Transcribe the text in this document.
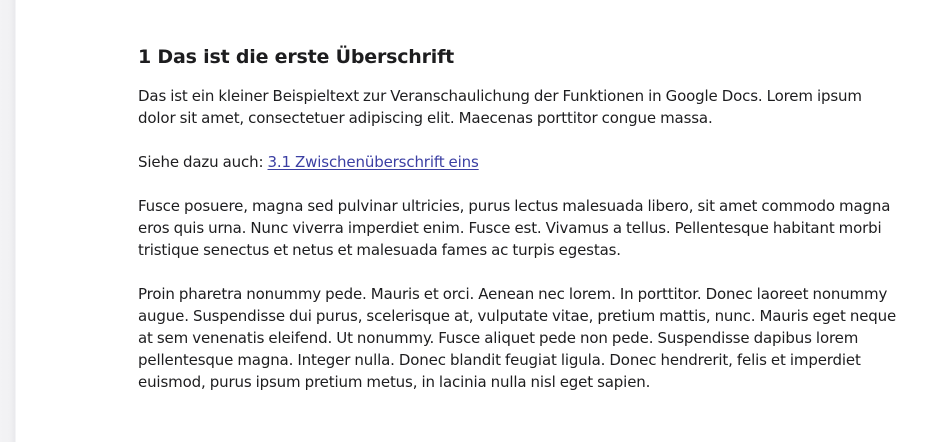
1 Das ist die erste Überschrift

Das ist ein kleiner Beispieltext zur Veranschaulichung der Funktionen in Google Docs. Lorem ipsum dolor sit amet, consectetuer adipiscing elit. Maecenas porttitor congue massa.

Siehe dazu auch: 3.1 Zwischenüberschrift eins

Fusce posuere, magna sed pulvinar ultricies, purus lectus malesuada libero, sit amet commodo magna eros quis urna. Nunc viverra imperdiet enim. Fusce est. Vivamus a tellus. Pellentesque habitant morbi tristique senectus et netus et malesuada fames ac turpis egestas.

Proin pharetra nonummy pede. Mauris et orci. Aenean nec lorem. In porttitor. Donec laoreet nonummy augue. Suspendisse dui purus, scelerisque at, vulputate vitae, pretium mattis, nunc. Mauris eget neque at sem venenatis eleifend. Ut nonummy. Fusce aliquet pede non pede. Suspendisse dapibus lorem pellentesque magna. Integer nulla. Donec blandit feugiat ligula. Donec hendrerit, felis et imperdiet euismod, purus ipsum pretium metus, in lacinia nulla nisl eget sapien.
